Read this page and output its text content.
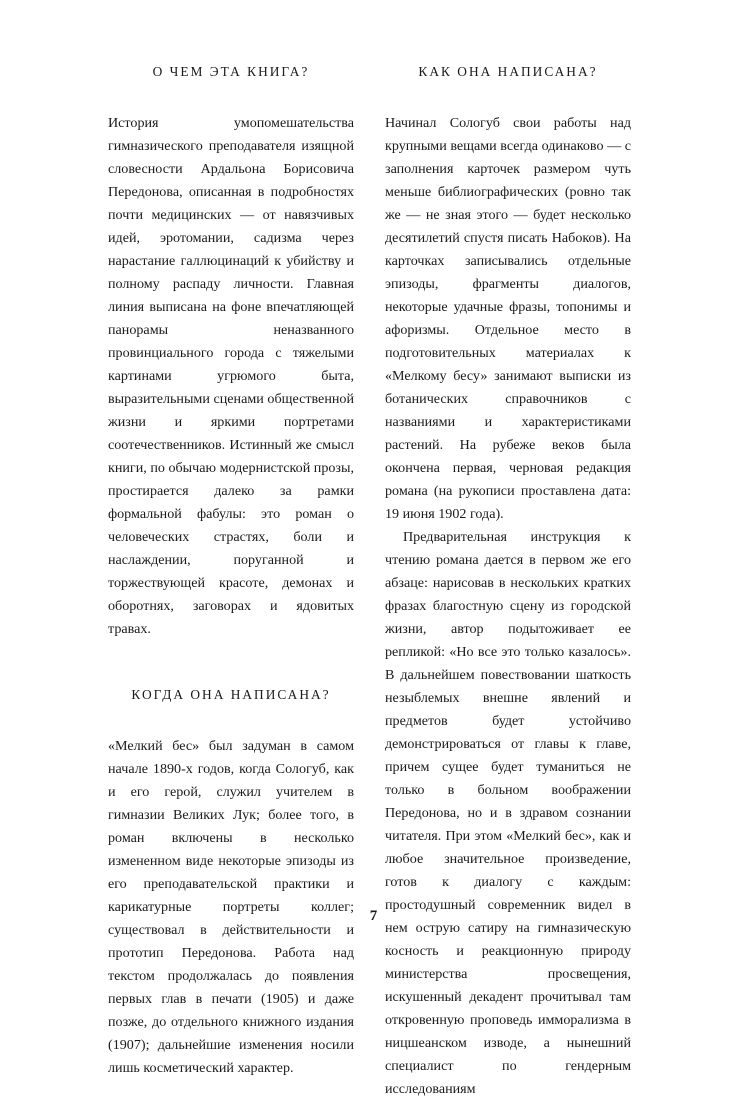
О ЧЕМ ЭТА КНИГА?

История умопомешательства гимназического преподавателя изящной словесности Ардальона Борисовича Передонова, описанная в подробностях почти медицинских — от навязчивых идей, эротомании, садизма через нарастание галлюцинаций к убийству и полному распаду личности. Главная линия выписана на фоне впечатляющей панорамы неназванного провинциального города с тяжелыми картинами угрюмого быта, выразительными сценами общественной жизни и яркими портретами соотечественников. Истинный же смысл книги, по обычаю модернистской прозы, простирается далеко за рамки формальной фабулы: это роман о человеческих страстях, боли и наслаждении, поруганной и торжествующей красоте, демонах и оборотнях, заговорах и ядовитых травах.

КОГДА ОНА НАПИСАНА?

«Мелкий бес» был задуман в самом начале 1890-х годов, когда Сологуб, как и его герой, служил учителем в гимназии Великих Лук; более того, в роман включены в несколько измененном виде некоторые эпизоды из его преподавательской практики и карикатурные портреты коллег; существовал в действительности и прототип Передонова. Работа над текстом продолжалась до появления первых глав в печати (1905) и даже позже, до отдельного книжного издания (1907); дальнейшие изменения носили лишь косметический характер.

КАК ОНА НАПИСАНА?

Начинал Сологуб свои работы над крупными вещами всегда одинаково — с заполнения карточек размером чуть меньше библиографических (ровно так же — не зная этого — будет несколько десятилетий спустя писать Набоков). На карточках записывались отдельные эпизоды, фрагменты диалогов, некоторые удачные фразы, топонимы и афоризмы. Отдельное место в подготовительных материалах к «Мелкому бесу» занимают выписки из ботанических справочников с названиями и характеристиками растений. На рубеже веков была окончена первая, черновая редакция романа (на рукописи проставлена дата: 19 июня 1902 года).

Предварительная инструкция к чтению романа дается в первом же его абзаце: нарисовав в нескольких кратких фразах благостную сцену из городской жизни, автор подытоживает ее репликой: «Но все это только казалось». В дальнейшем повествовании шаткость незыблемых внешне явлений и предметов будет устойчиво демонстрироваться от главы к главе, причем сущее будет туманиться не только в больном воображении Передонова, но и в здравом сознании читателя. При этом «Мелкий бес», как и любое значительное произведение, готов к диалогу с каждым: простодушный современник видел в нем острую сатиру на гимназическую косность и реакционную природу министерства просвещения, искушенный декадент прочитывал там откровенную проповедь имморализма в ницшеанском изводе, а нынешний специалист по гендерным исследованиям

7
